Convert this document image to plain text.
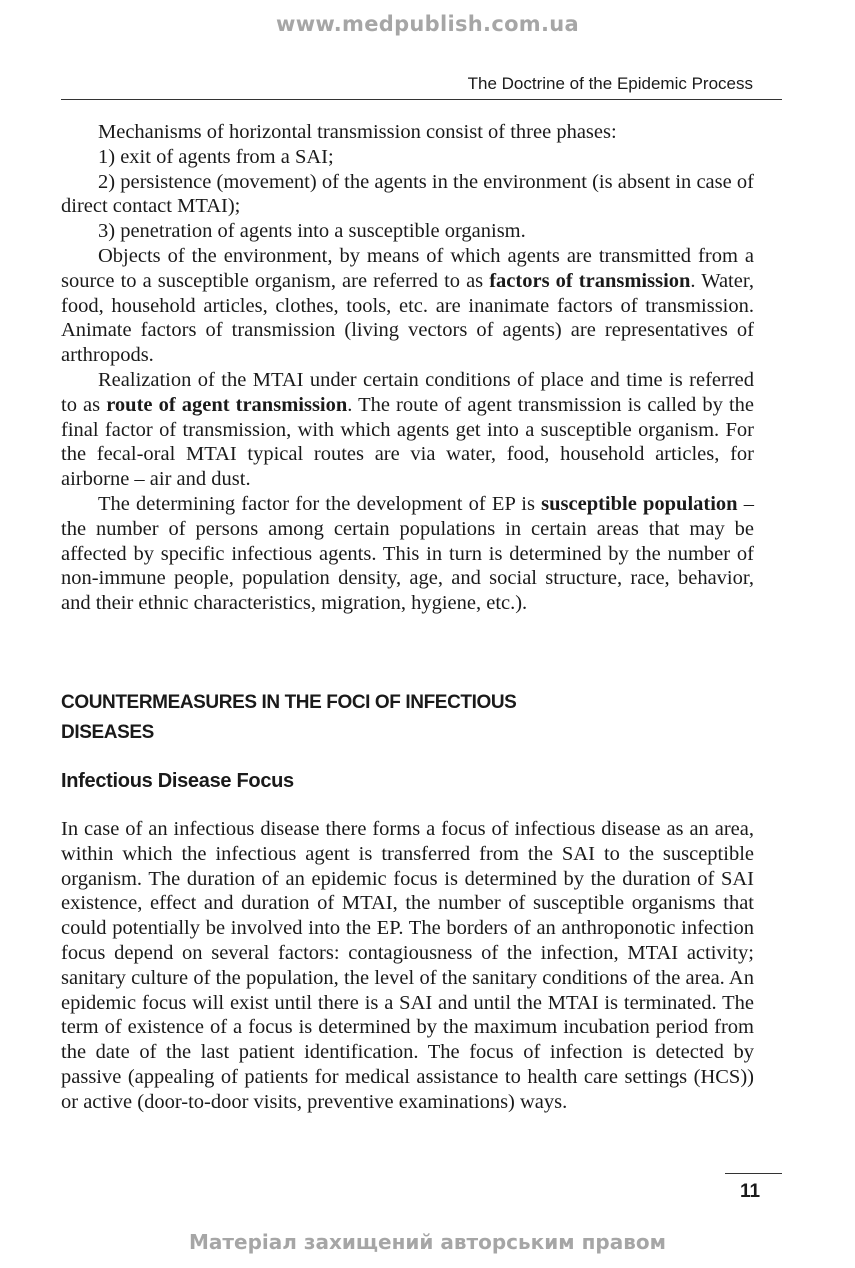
www.medpublish.com.ua
The Doctrine of the Epidemic Process

Mechanisms of horizontal transmission consist of three phases:

1) exit of agents from a SAI;

2) persistence (movement) of the agents in the environment (is absent in case of direct contact MTAI);

3) penetration of agents into a susceptible organism.

Objects of the environment, by means of which agents are transmitted from a source to a susceptible organism, are referred to as factors of transmission. Water, food, household articles, clothes, tools, etc. are inanimate factors of transmission. Animate factors of transmission (living vectors of agents) are representatives of arthropods.

Realization of the MTAI under certain conditions of place and time is referred to as route of agent transmission. The route of agent transmission is called by the final factor of transmission, with which agents get into a susceptible organism. For the fecal-oral MTAI typical routes are via water, food, household articles, for airborne – air and dust.

The determining factor for the development of EP is susceptible population – the number of persons among certain populations in certain areas that may be affected by specific infectious agents. This in turn is determined by the number of non-immune people, population density, age, and social structure, race, behavior, and their ethnic characteristics, migration, hygiene, etc.).

COUNTERMEASURES IN THE FOCI OF INFECTIOUS
DISEASES
Infectious Disease Focus

In case of an infectious disease there forms a focus of infectious disease as an area, within which the infectious agent is transferred from the SAI to the susceptible organism. The duration of an epidemic focus is determined by the duration of SAI existence, effect and duration of MTAI, the number of susceptible organisms that could potentially be involved into the EP. The borders of an anthroponotic infection focus depend on several factors: contagiousness of the infection, MTAI activity; sanitary culture of the population, the level of the sanitary conditions of the area. An epidemic focus will exist until there is a SAI and until the MTAI is terminated. The term of existence of a focus is determined by the maximum incubation period from the date of the last patient identification. The focus of infection is detected by passive (appealing of patients for medical assistance to health care settings (HCS)) or active (door-to-door visits, preventive examinations) ways.

11
Матеріал захищений авторським правом
